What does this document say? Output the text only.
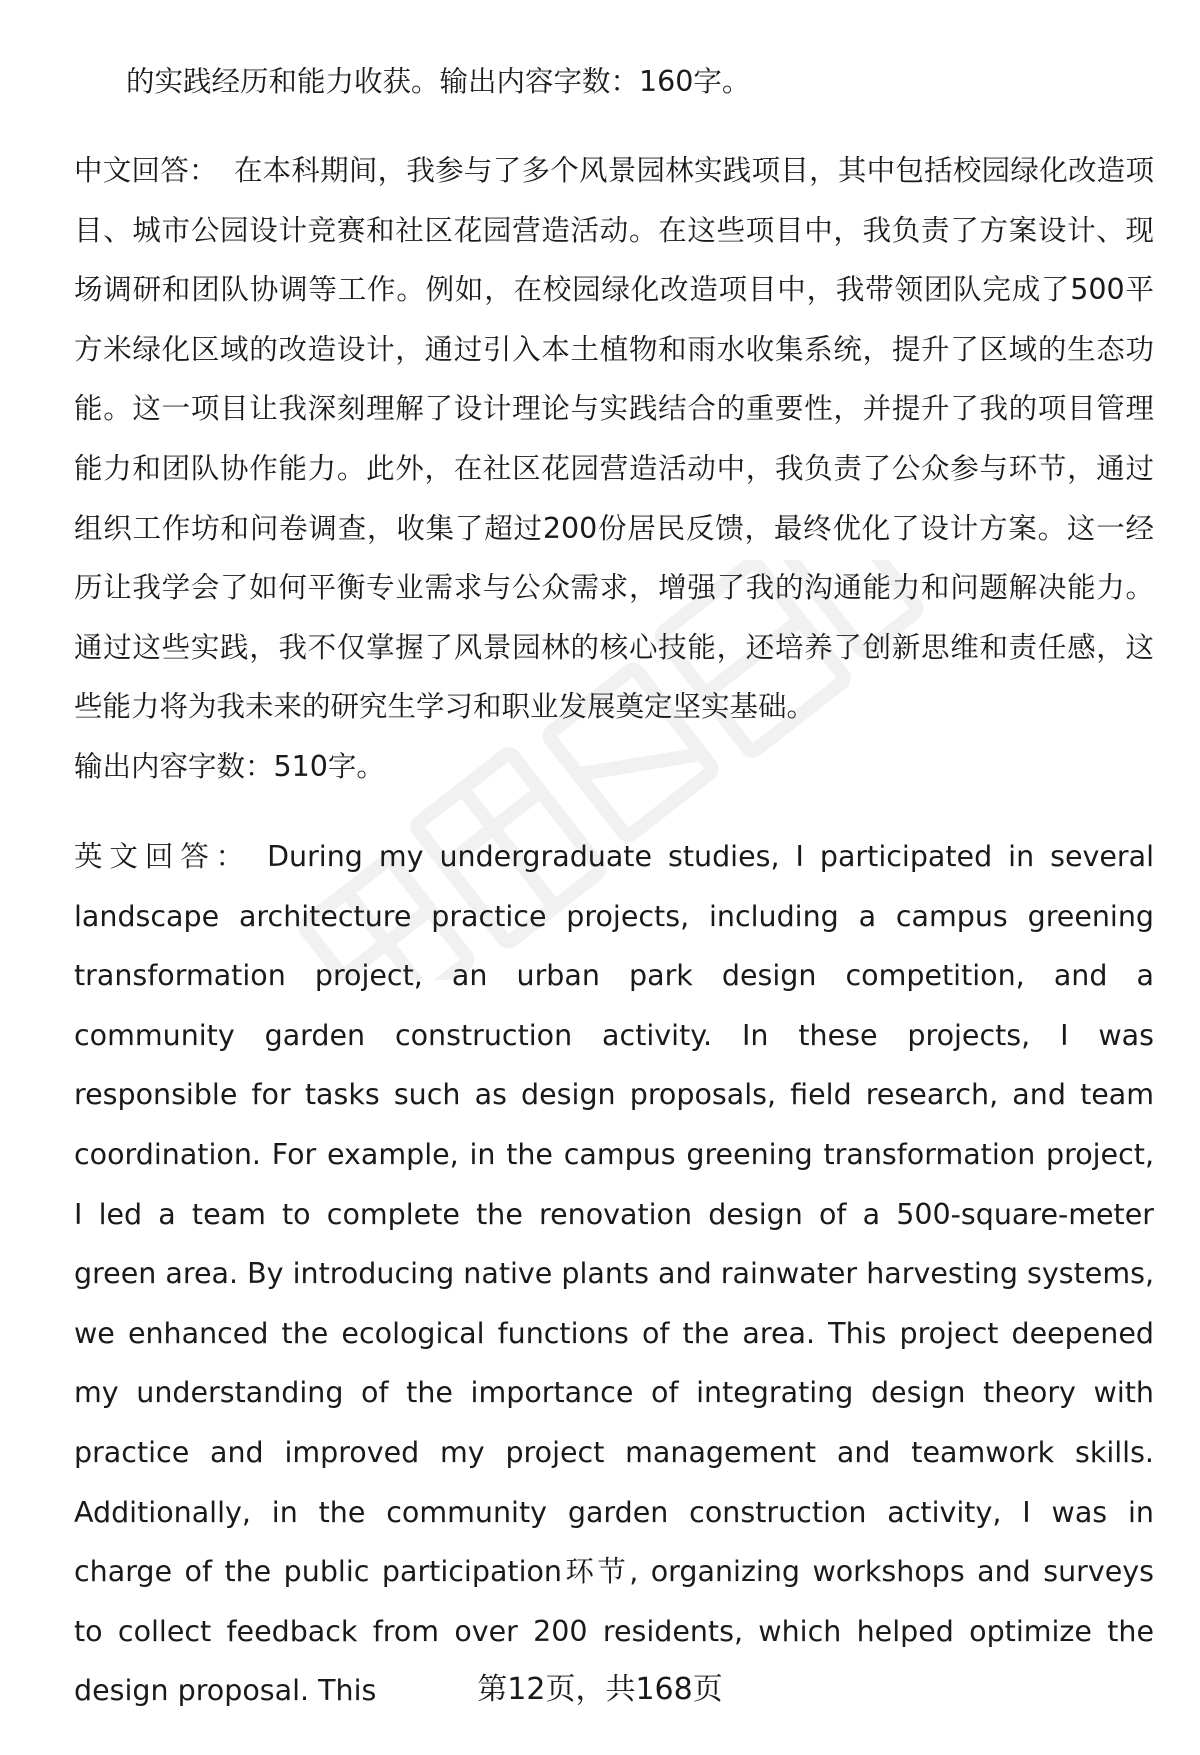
的实践经历和能力收获。输出内容字数：160字。

中文回答： 在本科期间，我参与了多个风景园林实践项目，其中包括校园绿化改造项目、城市公园设计竞赛和社区花园营造活动。在这些项目中，我负责了方案设计、现场调研和团队协调等工作。例如，在校园绿化改造项目中，我带领团队完成了500平方米绿化区域的改造设计，通过引入本土植物和雨水收集系统，提升了区域的生态功能。这一项目让我深刻理解了设计理论与实践结合的重要性，并提升了我的项目管理能力和团队协作能力。此外，在社区花园营造活动中，我负责了公众参与环节，通过组织工作坊和问卷调查，收集了超过200份居民反馈，最终优化了设计方案。这一经历让我学会了如何平衡专业需求与公众需求，增强了我的沟通能力和问题解决能力。通过这些实践，我不仅掌握了风景园林的核心技能，还培养了创新思维和责任感，这些能力将为我未来的研究生学习和职业发展奠定坚实基础。
输出内容字数：510字。

英文回答： During my undergraduate studies, I participated in several landscape architecture practice projects, including a campus greening transformation project, an urban park design competition, and a community garden construction activity. In these projects, I was responsible for tasks such as design proposals, field research, and team coordination. For example, in the campus greening transformation project, I led a team to complete the renovation design of a 500-square-meter green area. By introducing native plants and rainwater harvesting systems, we enhanced the ecological functions of the area. This project deepened my understanding of the importance of integrating design theory with practice and improved my project management and teamwork skills. Additionally, in the community garden construction activity, I was in charge of the public participation环节, organizing workshops and surveys to collect feedback from over 200 residents, which helped optimize the design proposal. This	第12页，共168页
